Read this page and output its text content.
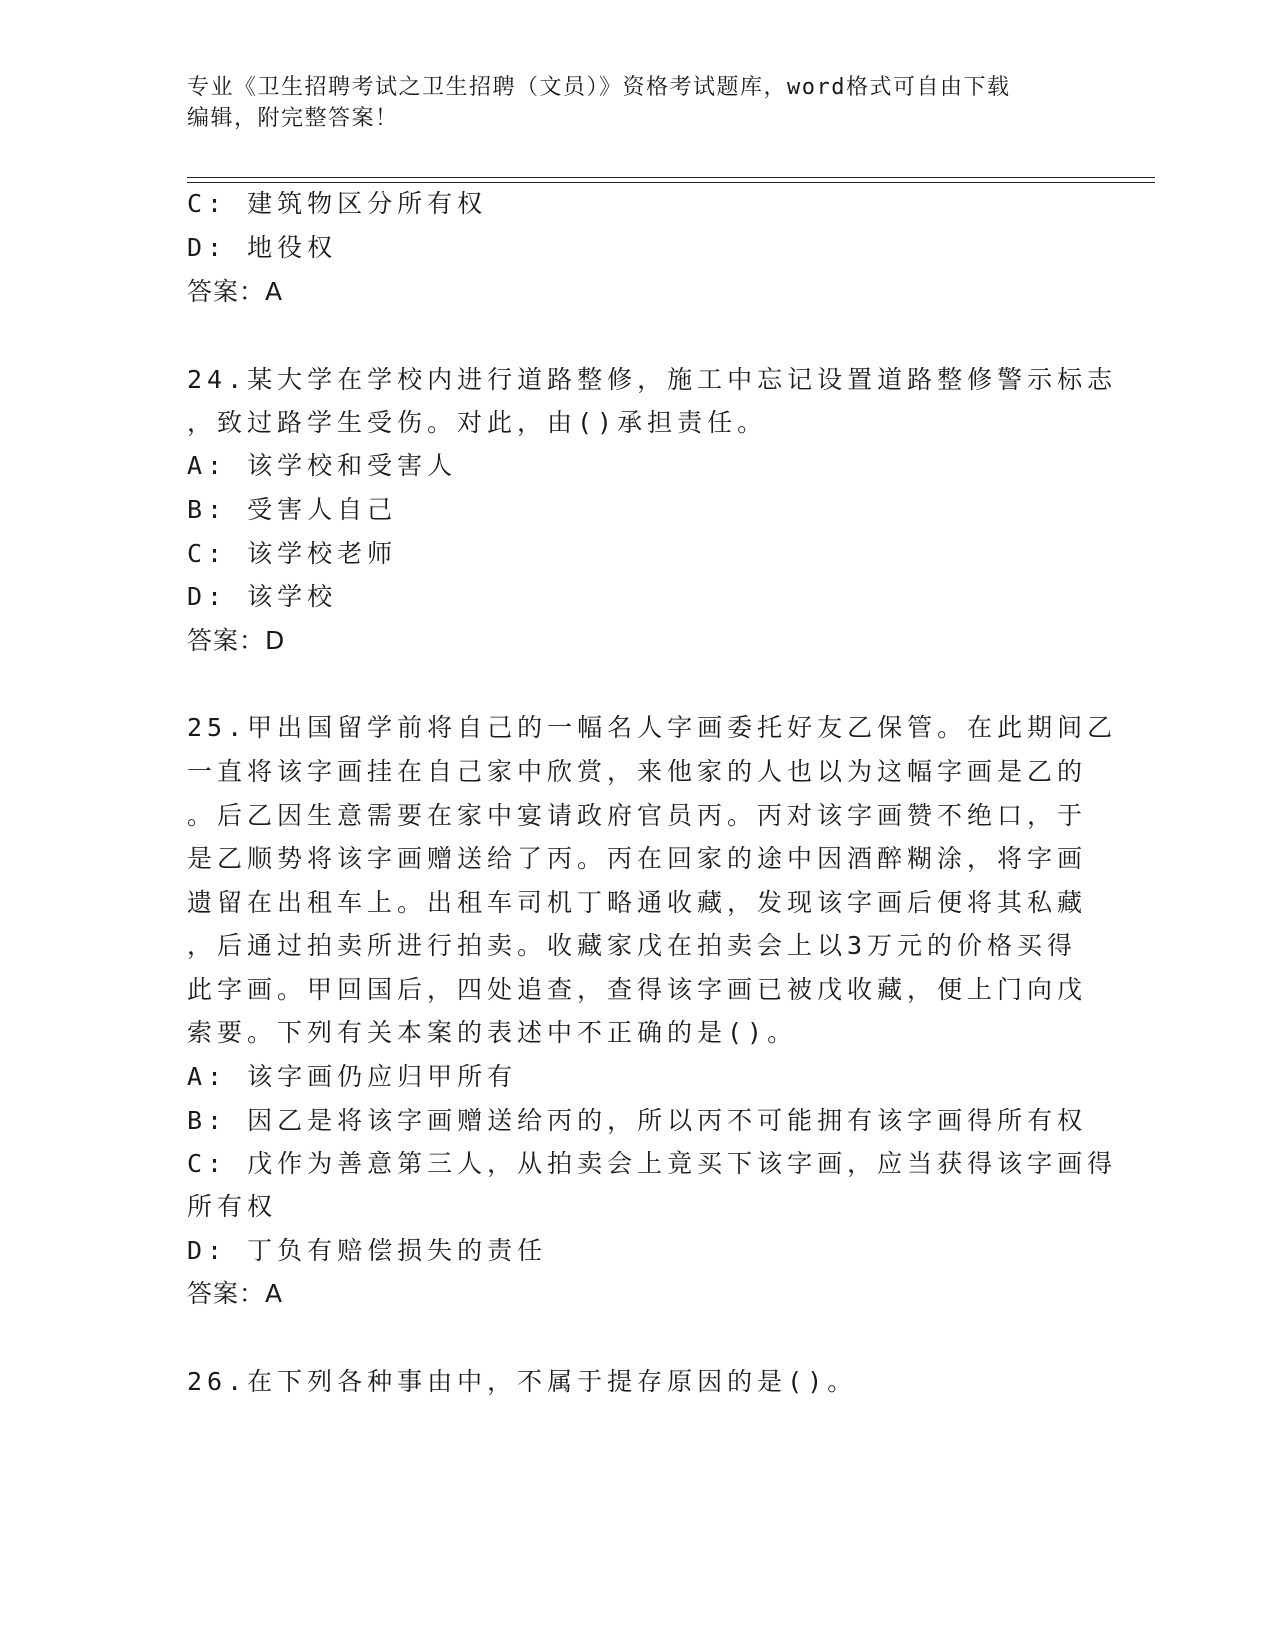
专业《卫生招聘考试之卫生招聘（文员）》资格考试题库，word格式可自由下载
编辑，附完整答案！
C: 建筑物区分所有权
D: 地役权
答案：A
24.某大学在学校内进行道路整修，施工中忘记设置道路整修警示标志
，致过路学生受伤。对此，由()承担责任。
A: 该学校和受害人
B: 受害人自己
C: 该学校老师
D: 该学校
答案：D
25.甲出国留学前将自己的一幅名人字画委托好友乙保管。在此期间乙
一直将该字画挂在自己家中欣赏，来他家的人也以为这幅字画是乙的
。后乙因生意需要在家中宴请政府官员丙。丙对该字画赞不绝口，于
是乙顺势将该字画赠送给了丙。丙在回家的途中因酒醉糊涂，将字画
遗留在出租车上。出租车司机丁略通收藏，发现该字画后便将其私藏
，后通过拍卖所进行拍卖。收藏家戊在拍卖会上以3万元的价格买得
此字画。甲回国后，四处追查，查得该字画已被戊收藏，便上门向戊
索要。下列有关本案的表述中不正确的是()。
A: 该字画仍应归甲所有
B: 因乙是将该字画赠送给丙的，所以丙不可能拥有该字画得所有权
C: 戊作为善意第三人，从拍卖会上竟买下该字画，应当获得该字画得
所有权
D: 丁负有赔偿损失的责任
答案：A
26.在下列各种事由中，不属于提存原因的是()。
